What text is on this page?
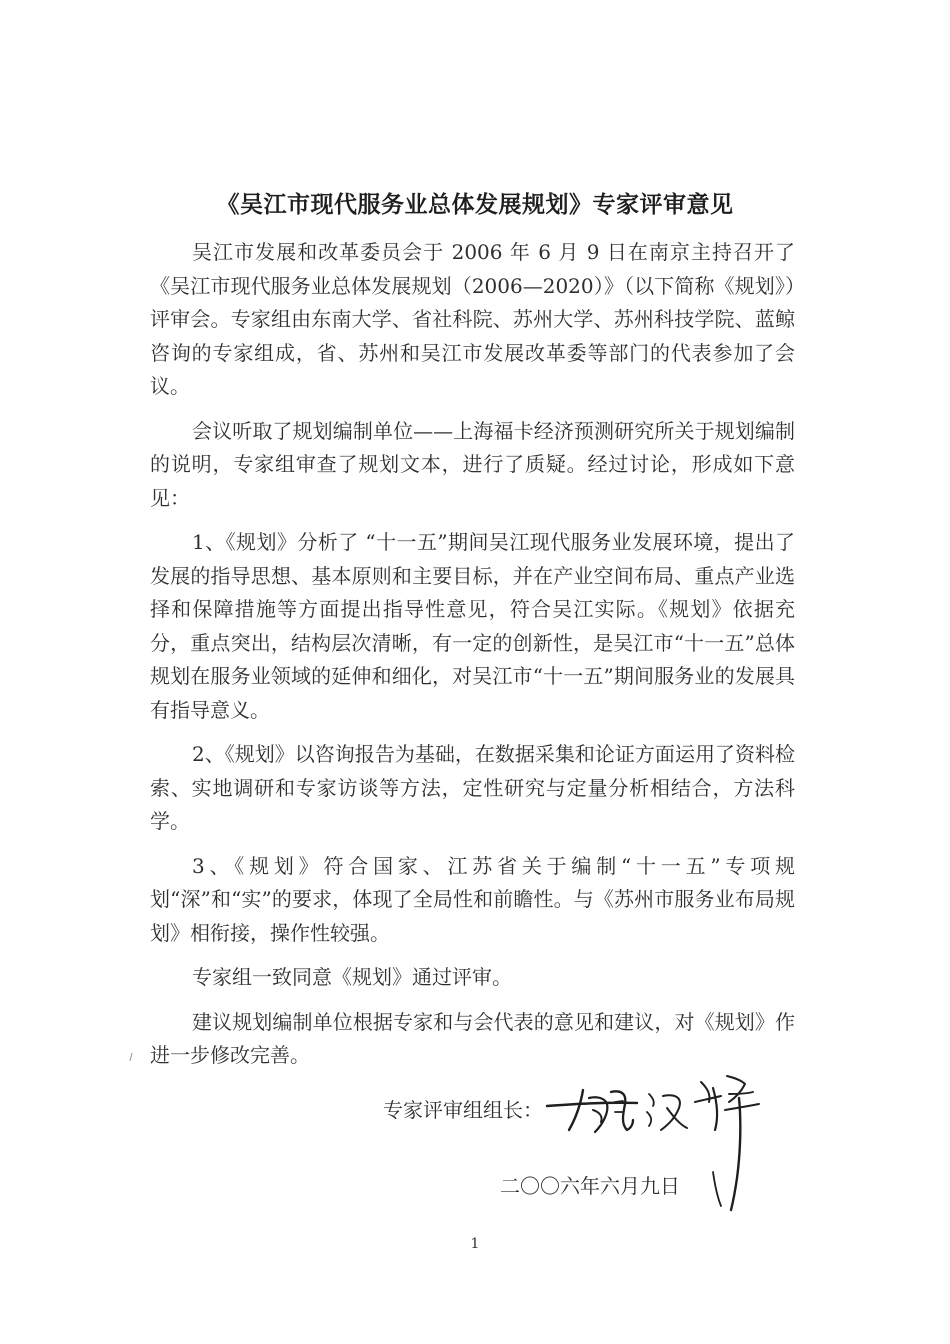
《吴江市现代服务业总体发展规划》专家评审意见

吴江市发展和改革委员会于 2006 年 6 月 9 日在南京主持召开了《吴江市现代服务业总体发展规划（2006—2020）》（以下简称《规划》）评审会。专家组由东南大学、省社科院、苏州大学、苏州科技学院、蓝鲸咨询的专家组成，省、苏州和吴江市发展改革委等部门的代表参加了会议。

会议听取了规划编制单位——上海福卡经济预测研究所关于规划编制的说明，专家组审查了规划文本，进行了质疑。经过讨论，形成如下意见：

1、《规划》分析了 “十一五”期间吴江现代服务业发展环境，提出了发展的指导思想、基本原则和主要目标，并在产业空间布局、重点产业选择和保障措施等方面提出指导性意见，符合吴江实际。《规划》依据充分，重点突出，结构层次清晰，有一定的创新性，是吴江市“十一五”总体规划在服务业领域的延伸和细化，对吴江市“十一五”期间服务业的发展具有指导意义。

2、《规划》以咨询报告为基础，在数据采集和论证方面运用了资料检索、实地调研和专家访谈等方法，定性研究与定量分析相结合，方法科学。

3、《规划》符合国家、江苏省关于编制“十一五”专项规划“深”和“实”的要求，体现了全局性和前瞻性。与《苏州市服务业布局规划》相衔接，操作性较强。

专家组一致同意《规划》通过评审。

建议规划编制单位根据专家和与会代表的意见和建议，对《规划》作进一步修改完善。

专家评审组组长：
二〇〇六年六月九日
1
